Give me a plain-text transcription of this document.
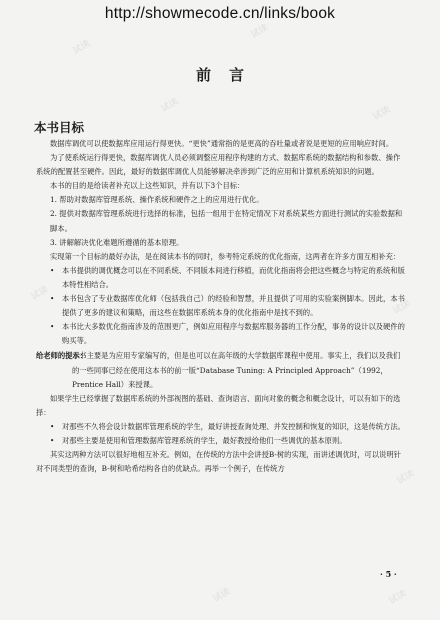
试读
试读
试读
试读
试读
试读
试读
试读	试读
http://showmecode.cn/links/book
前言
本书目标

数据库调优可以使数据库应用运行得更快。“更快”通常指的是更高的吞吐量或者说是更短的应用响应时间。

为了使系统运行得更快，数据库调优人员必须调整应用程序构建的方式、数据库系统的数据结构和参数、操作系统的配置甚至硬件。因此，最好的数据库调优人员能够解决牵涉到广泛的应用和计算机系统知识的问题。

本书的目的是给读者补充以上这些知识，并有以下3个目标：

1. 帮助对数据库管理系统、操作系统和硬件之上的应用进行优化。

2. 提供对数据库管理系统进行选择的标准，包括一组用于在特定情况下对系统某些方面进行测试的实验数据和脚本。

3. 讲解解决优化难题所遵循的基本原理。

实现第一个目标的最好办法，是在阅读本书的同时，参考特定系统的优化指南，这两者在许多方面互相补充：

• 本书提供的调优概念可以在不同系统、不同版本间进行移植，而优化指南将会把这些概念与特定的系统和版本特性相结合。
• 本书包含了专业数据库优化师（包括我自己）的经验和智慧，并且提供了可用的实验案例脚本。因此，本书提供了更多的建议和策略，而这些在数据库系统本身的优化指南中是找不到的。
• 本书比大多数优化指南涉及的范围更广，例如应用程序与数据库服务器的工作分配，事务的设计以及硬件的购买等。

给老师的提示：
本书主要是为应用专家编写的，但是也可以在高年级的大学数据库课程中使用。事实上，我们以及我们的一些同事已经在使用这本书的前一版“Database Tuning: A Principled Approach”（1992，Prentice Hall）来授课。

如果学生已经掌握了数据库系统的外部视图的基础、查询语言、面向对象的概念和概念设计，可以有如下的选择：

• 对那些不久将会设计数据库管理系统的学生，最好讲授查询处理、并发控制和恢复的知识，这是传统方法。
• 对那些主要是使用和管理数据库管理系统的学生，最好教授给他们一些调优的基本原则。

其实这两种方法可以很好地相互补充。例如，在传统的方法中会讲授B-树的实现，而讲述调优时，可以说明针对不同类型的查询，B-树和哈希结构各自的优缺点。再举一个例子，在传统方

· 5 ·
